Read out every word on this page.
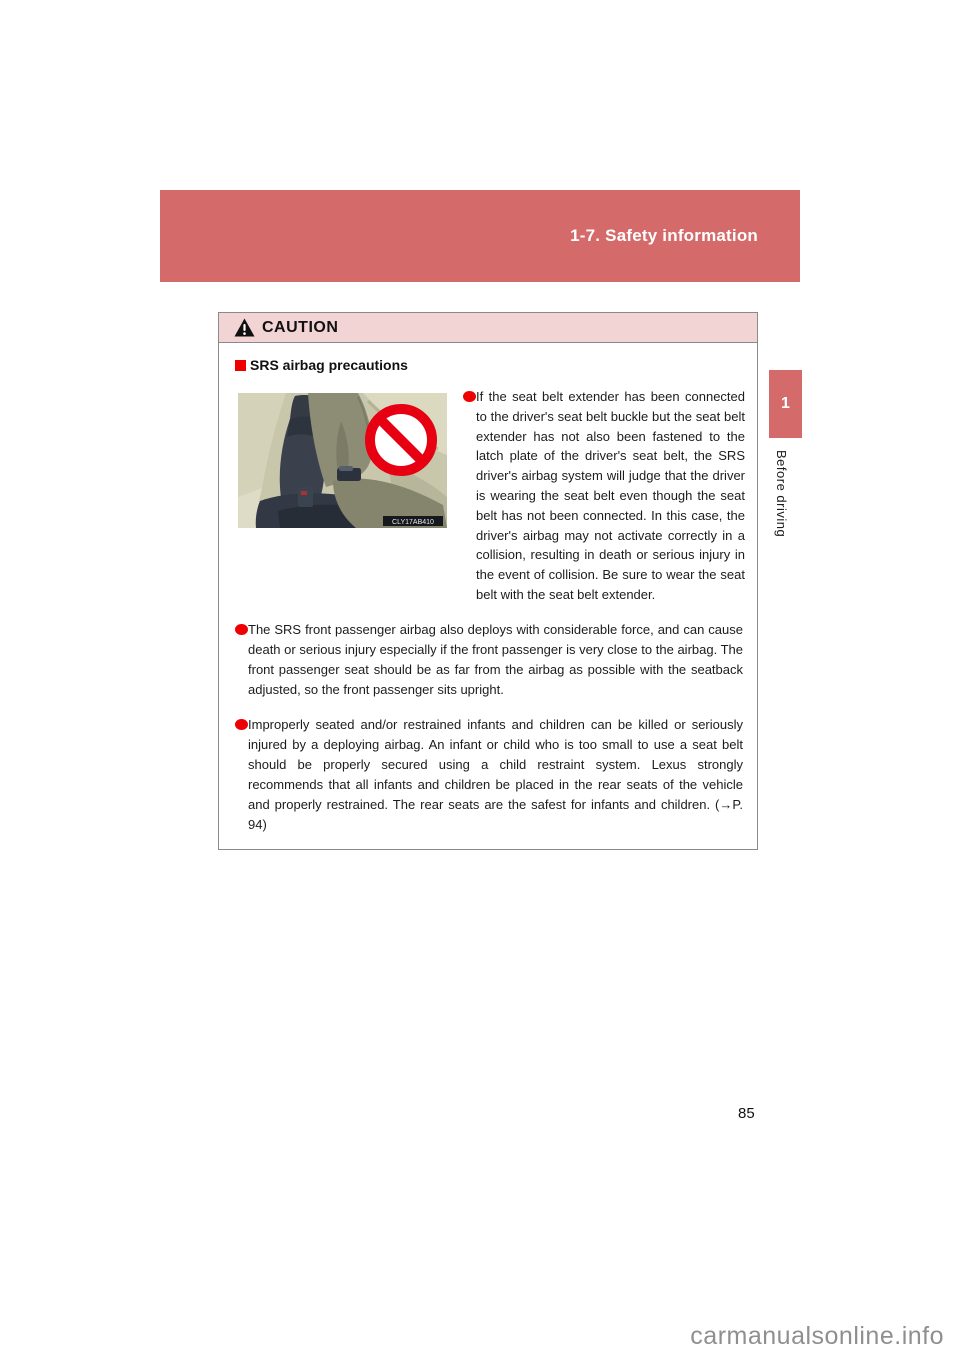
1-7. Safety information
1
Before driving
CAUTION
SRS airbag precautions
CLY17AB410
If the seat belt extender has been connected to the driver's seat belt buckle but the seat belt extender has not also been fastened to the latch plate of the driver's seat belt, the SRS driver's airbag system will judge that the driver is wearing the seat belt even though the seat belt has not been connected. In this case, the driver's airbag may not activate correctly in a collision, resulting in death or serious injury in the event of collision. Be sure to wear the seat belt with the seat belt extender.
The SRS front passenger airbag also deploys with considerable force, and can cause death or serious injury especially if the front passenger is very close to the airbag. The front passenger seat should be as far from the airbag as possible with the seatback adjusted, so the front passenger sits upright.
Improperly seated and/or restrained infants and children can be killed or seriously injured by a deploying airbag. An infant or child who is too small to use a seat belt should be properly secured using a child restraint system. Lexus strongly recommends that all infants and children be placed in the rear seats of the vehicle and properly restrained. The rear seats are the safest for infants and children. (→P. 94)
85
carmanualsonline.info
